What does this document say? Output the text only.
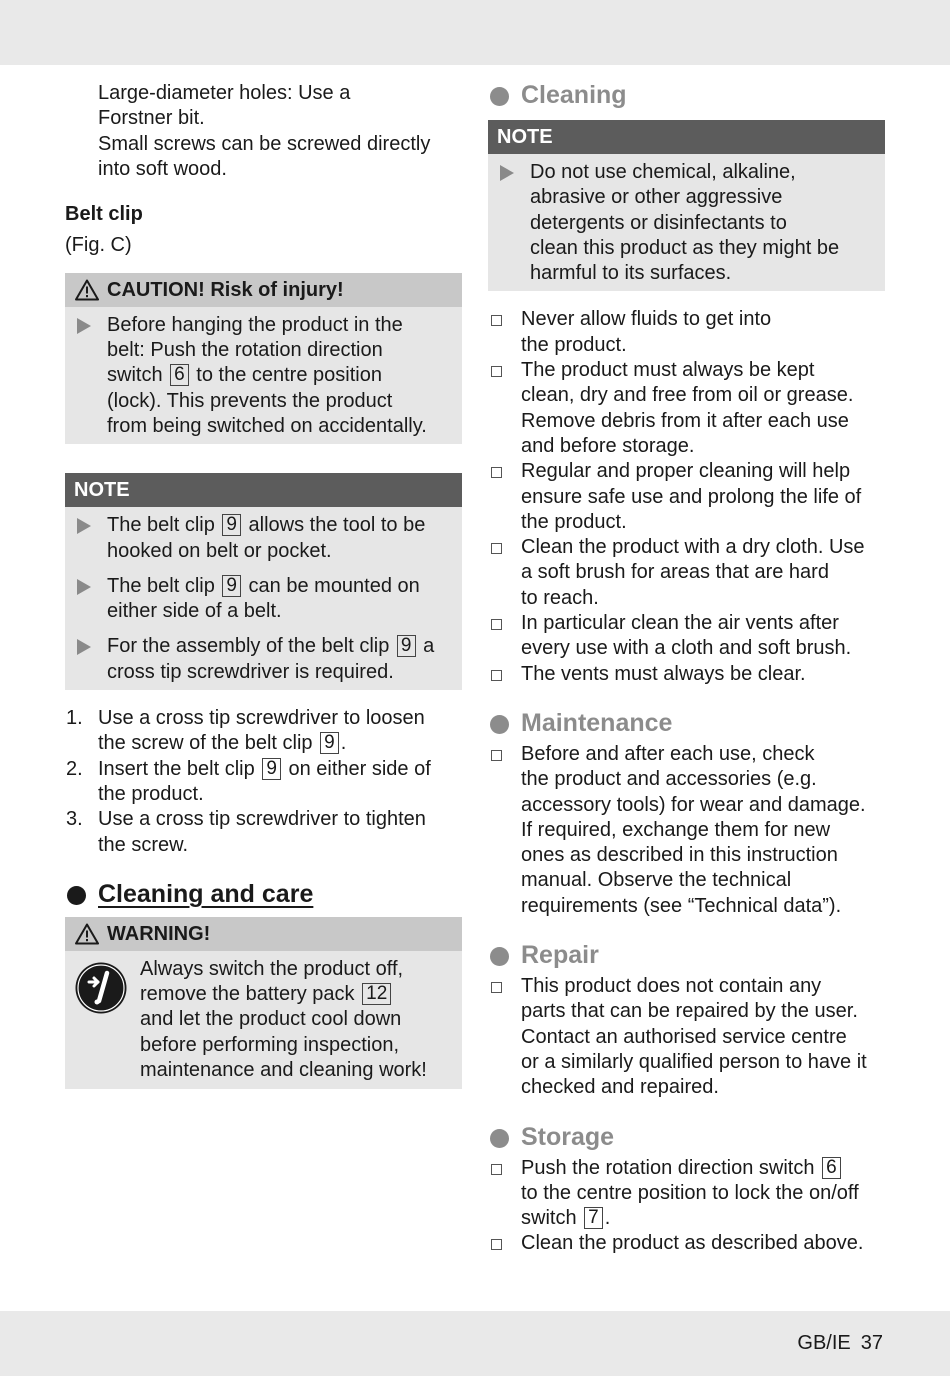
Large-diameter holes: Use a
Forstner bit.
Small screws can be screwed directly
into soft wood.
Belt clip
(Fig. C)
CAUTION! Risk of injury!
Before hanging the product in the
belt: Push the rotation direction
switch 6 to the centre position
(lock). This prevents the product
from being switched on accidentally.
NOTE
The belt clip 9 allows the tool to be
hooked on belt or pocket.
The belt clip 9 can be mounted on
either side of a belt.
For the assembly of the belt clip 9 a
cross tip screwdriver is required.
1. Use a cross tip screwdriver to loosen
the screw of the belt clip 9 .
2. Insert the belt clip 9 on either side of
the product.
3. Use a cross tip screwdriver to tighten
the screw.
Cleaning and care
WARNING!
Always switch the product off,
remove the battery pack 12
and let the product cool down
before performing inspection,
maintenance and cleaning work!
Cleaning
NOTE
Do not use chemical, alkaline,
abrasive or other aggressive
detergents or disinfectants to
clean this product as they might be
harmful to its surfaces.
Never allow fluids to get into
the product.
The product must always be kept
clean, dry and free from oil or grease.
Remove debris from it after each use
and before storage.
Regular and proper cleaning will help
ensure safe use and prolong the life of
the product.
Clean the product with a dry cloth. Use
a soft brush for areas that are hard
to reach.
In particular clean the air vents after
every use with a cloth and soft brush.
The vents must always be clear.
Maintenance
Before and after each use, check
the product and accessories (e.g.
accessory tools) for wear and damage.
If required, exchange them for new
ones as described in this instruction
manual. Observe the technical
requirements (see “Technical data”).
Repair
This product does not contain any
parts that can be repaired by the user.
Contact an authorised service centre
or a similarly qualified person to have it
checked and repaired.
Storage
Push the rotation direction switch 6
to the centre position to lock the on/off
switch 7 .
Clean the product as described above.
GB/IE 37
